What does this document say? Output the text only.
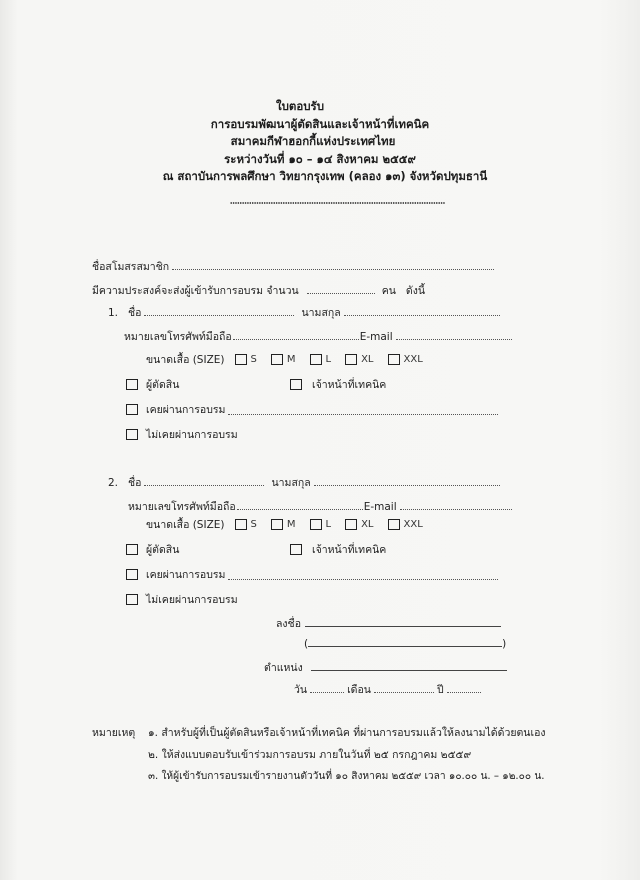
ใบตอบรับ
การอบรมพัฒนาผู้ตัดสินและเจ้าหน้าที่เทคนิค
สมาคมกีฬาฮอกกี้แห่งประเทศไทย
ระหว่างวันที่ ๑๐ – ๑๔ สิงหาคม ๒๕๕๙
ณ สถาบันการพลศึกษา วิทยากรุงเทพ (คลอง ๑๓) จังหวัดปทุมธานี
ชื่อสโมสรสมาชิก
มีความประสงค์จะส่งผู้เข้ารับการอบรม จำนวน	คน ดังนี้
1. ชื่อ	นามสกุล
หมายเลขโทรศัพท์มือถือ	E-mail
ขนาดเสื้อ (SIZE)	S	M	L	XL	XXL
ผู้ตัดสิน	เจ้าหน้าที่เทคนิค
เคยผ่านการอบรม
ไม่เคยผ่านการอบรม
2. ชื่อ	นามสกุล
หมายเลขโทรศัพท์มือถือ	E-mail
ขนาดเสื้อ (SIZE)	S	M	L	XL	XXL
ผู้ตัดสิน	เจ้าหน้าที่เทคนิค
เคยผ่านการอบรม
ไม่เคยผ่านการอบรม
ลงชื่อ
(	)
ตำแหน่ง
วัน	เดือน	ปี
หมายเหตุ ๑. สำหรับผู้ที่เป็นผู้ตัดสินหรือเจ้าหน้าที่เทคนิค ที่ผ่านการอบรมแล้วให้ลงนามได้ด้วยตนเอง
๒. ให้ส่งแบบตอบรับเข้าร่วมการอบรม ภายในวันที่ ๒๕ กรกฎาคม ๒๕๕๙
๓. ให้ผู้เข้ารับการอบรมเข้ารายงานตัววันที่ ๑๐ สิงหาคม ๒๕๕๙ เวลา ๑๐.๐๐ น. – ๑๒.๐๐ น.
